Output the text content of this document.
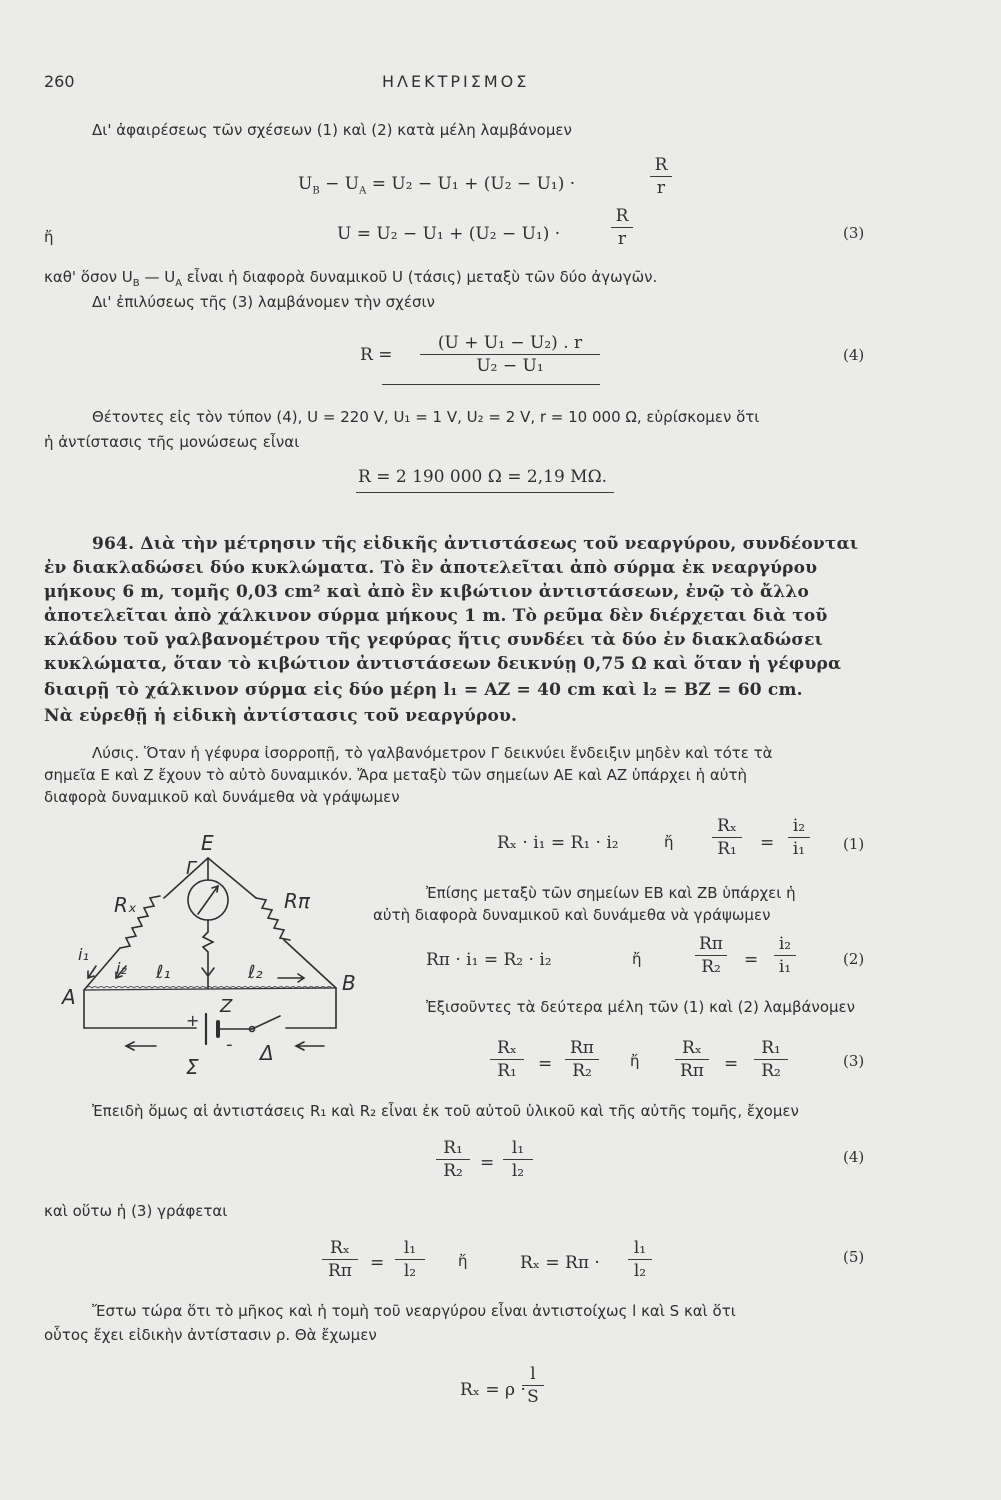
260	ΗΛΕΚΤΡΙΣΜΟΣ
Δι' ἀφαιρέσεως τῶν σχέσεων (1) καὶ (2) κατὰ μέλη λαμβάνομεν
$U_B - U_A = U_2 - U_1 + (U_2 - U_1)$ ·	$\frac{R}{r}$
ἤ	U = U₂ − U₁ + (U₂ − U₁) ·	$\frac{R}{r}$	(3)
καθ' ὅσον $U_B$ — $U_A$ εἶναι ἡ διαφορὰ δυναμικοῦ U (τάσις) μεταξὺ τῶν δύο ἀγωγῶν.
Δι' ἐπιλύσεως τῆς (3) λαμβάνομεν τὴν σχέσιν
$R = \frac{\text{(U + U₁ − U₂) . r}}{\text{U₂ − U₁}}$	(4)
Θέτοντες εἰς τὸν τύπον (4), U = 220 V, U₁ = 1 V, U₂ = 2 V, r = 10 000 Ω, εὑρίσκομεν ὅτι
ἡ ἀντίστασις τῆς μονώσεως εἶναι
R = 2 190 000 Ω = 2,19 MΩ.
964. Διὰ τὴν μέτρησιν τῆς εἰδικῆς ἀντιστάσεως τοῦ νεαργύρου, συνδέονται
ἐν διακλαδώσει δύο κυκλώματα. Τὸ ἓν ἀποτελεῖται ἀπὸ σύρμα ἐκ νεαργύρου
μήκους 6 m, τομῆς 0,03 cm² καὶ ἀπὸ ἓν κιβώτιον ἀντιστάσεων, ἐνῷ τὸ ἄλλο
ἀποτελεῖται ἀπὸ χάλκινον σύρμα μήκους 1 m. Τὸ ρεῦμα δὲν διέρχεται διὰ τοῦ
κλάδου τοῦ γαλβανομέτρου τῆς γεφύρας ἥτις συνδέει τὰ δύο ἐν διακλαδώσει
κυκλώματα, ὅταν τὸ κιβώτιον ἀντιστάσεων δεικνύῃ 0,75 Ω καὶ ὅταν ἡ γέφυρα
διαιρῇ τὸ χάλκινον σύρμα εἰς δύο μέρη l₁ = ΑΖ = 40 cm καὶ l₂ = ΒΖ = 60 cm.
Νὰ εὑρεθῇ ἡ εἰδικὴ ἀντίστασις τοῦ νεαργύρου.
Λύσις. Ὅταν ἡ γέφυρα ἰσορροπῇ, τὸ γαλβανόμετρον Γ δεικνύει ἔνδειξιν μηδὲν καὶ τότε τὰ
σημεῖα Ε καὶ Ζ ἔχουν τὸ αὐτὸ δυναμικόν. Ἄρα μεταξὺ τῶν σημείων ΑΕ καὶ ΑΖ ὑπάρχει ἡ αὐτὴ
διαφορὰ δυναμικοῦ καὶ δυνάμεθα νὰ γράψωμεν
Rₓ · i₁ = R₁ · i₂	ἤ $\frac{\text{Rₓ}}{\text{R₁}} = \frac{\text{i₂}}{\text{i₁}} (1)$
Ἐπίσης μεταξὺ τῶν σημείων ΕΒ καὶ ΖΒ ὑπάρχει ἡ
αὐτὴ διαφορὰ δυναμικοῦ καὶ δυνάμεθα νὰ γράψωμεν
Rπ · i₁ = R₂ · i₂	ἤ	$\frac{R\pi}{\text{R₂}} = \frac{\text{i₂}}{\text{i₁}}$	(2)
Ἐξισοῦντες τὰ δεύτερα μέλη τῶν (1) καὶ (2) λαμβάνομεν
$\frac{\text{Rₓ}}{\text{R₁}} = \frac{R\pi}{\text{R₂}}$ ἤ $\frac{\text{Rₓ}}{R\pi} = \frac{\text{R₁}}{\text{R₂}}$	(3)
Ἐπειδὴ ὅμως αἱ ἀντιστάσεις R₁ καὶ R₂ εἶναι ἐκ τοῦ αὐτοῦ ὑλικοῦ καὶ τῆς αὐτῆς τομῆς, ἔχομεν
$\frac{\text{R₁}}{\text{R₂}} = \frac{\text{l₁}}{\text{l₂}}$	(4)
καὶ οὕτω ἡ (3) γράφεται
$\frac{\text{Rₓ}}{R\pi} = \frac{\text{l₁}}{\text{l₂}}$ ἤ	$R_x = R\pi \cdot \frac{\text{l₁}}{\text{l₂}}$	(5)
Ἔστω τώρα ὅτι τὸ μῆκος καὶ ἡ τομὴ τοῦ νεαργύρου εἶναι ἀντιστοίχως l καὶ S καὶ ὅτι
οὗτος ἔχει εἰδικὴν ἀντίστασιν ρ. Θὰ ἔχωμεν
Rₓ = ρ ·
$\frac{l}{S}$
E
Γ
Rₓ	Rπ
i₁
i₂ ℓ₁	ℓ₂
A
B
Z
+
- Δ
Σ
